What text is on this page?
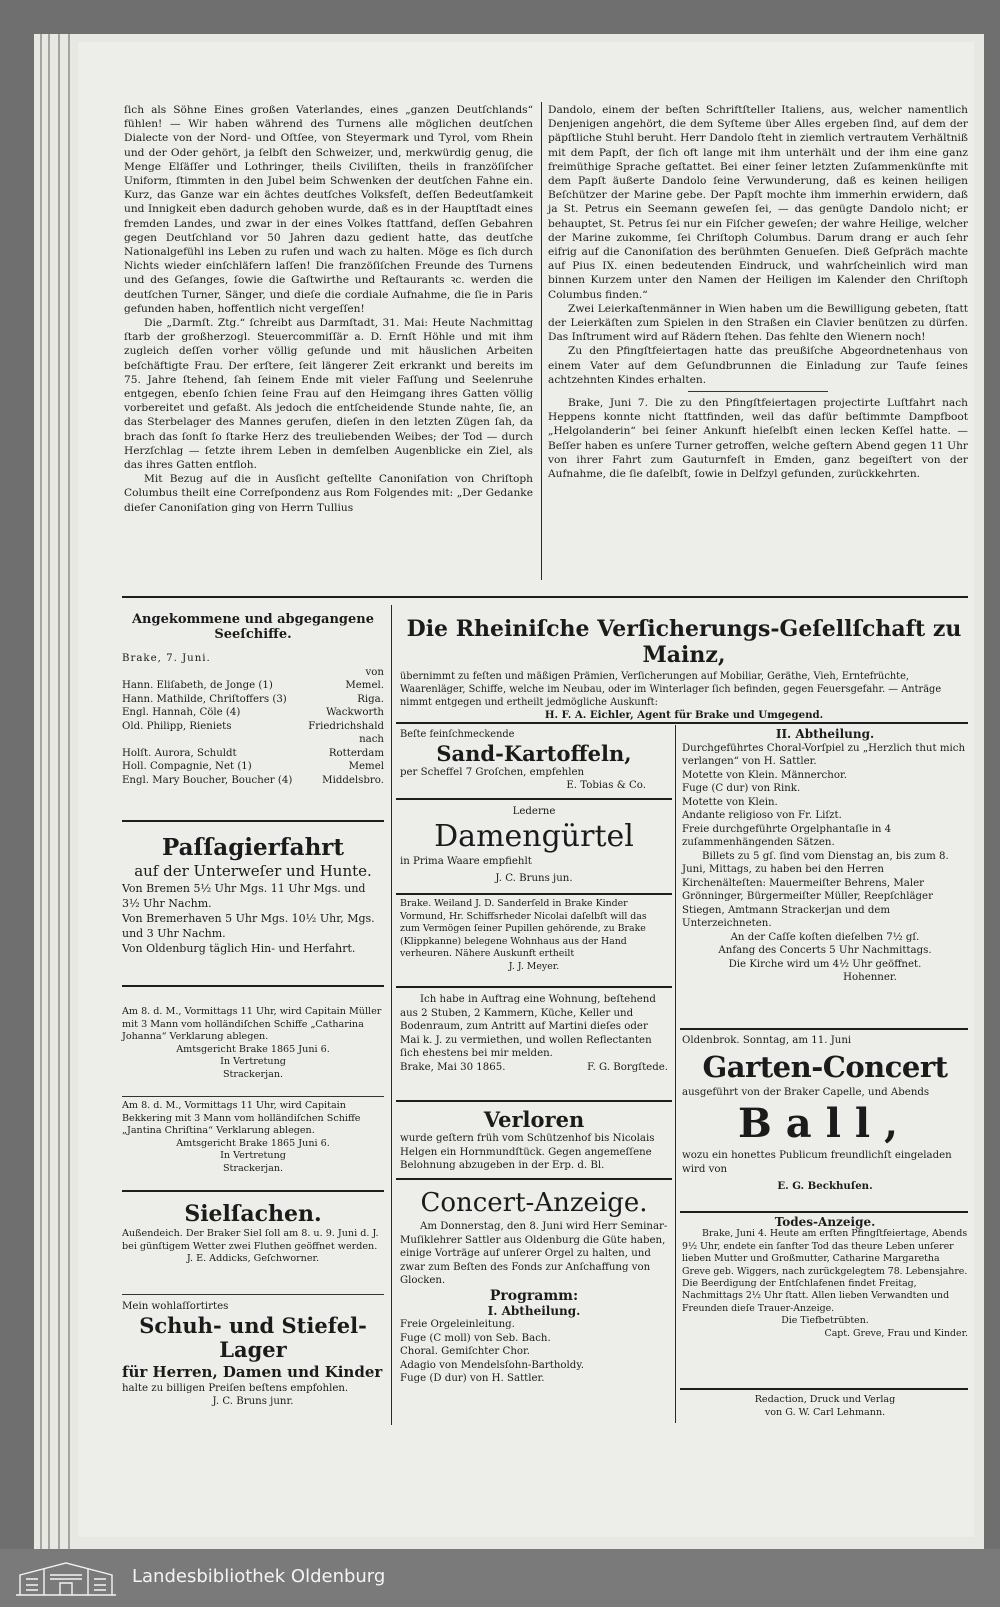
ſich als Söhne Eines großen Vaterlandes, eines „ganzen Deutſchlands“ fühlen! — Wir haben während des Turnens alle möglichen deutſchen Dialecte von der Nord- und Oſtſee, von Steyermark und Tyrol, vom Rhein und der Oder gehört, ja ſelbſt den Schweizer, und, merkwürdig genug, die Menge Elſäſſer und Lothringer, theils Civiliſten, theils in franzöſiſcher Uniform, ſtimmten in den Jubel beim Schwenken der deutſchen Fahne ein. Kurz, das Ganze war ein ächtes deutſches Volksfeſt, deſſen Bedeutſamkeit und Innigkeit eben dadurch gehoben wurde, daß es in der Hauptſtadt eines fremden Landes, und zwar in der eines Volkes ſtattfand, deſſen Gebahren gegen Deutſchland vor 50 Jahren dazu gedient hatte, das deutſche Nationalgefühl ins Leben zu rufen und wach zu halten. Möge es ſich durch Nichts wieder einſchläfern laſſen! Die franzöſiſchen Freunde des Turnens und des Geſanges, ſowie die Gaſtwirthe und Reſtaurants ꝛc. werden die deutſchen Turner, Sänger, und dieſe die cordiale Aufnahme, die ſie in Paris gefunden haben, hoffentlich nicht vergeſſen!

Die „Darmſt. Ztg.“ ſchreibt aus Darmſtadt, 31. Mai: Heute Nachmittag ſtarb der großherzogl. Steuercommiſſär a. D. Ernſt Höhle und mit ihm zugleich deſſen vorher völlig geſunde und mit häuslichen Arbeiten beſchäftigte Frau. Der erſtere, ſeit längerer Zeit erkrankt und bereits im 75. Jahre ſtehend, ſah ſeinem Ende mit vieler Faſſung und Seelenruhe entgegen, ebenſo ſchien ſeine Frau auf den Heimgang ihres Gatten völlig vorbereitet und gefaßt. Als jedoch die entſcheidende Stunde nahte, ſie, an das Sterbelager des Mannes gerufen, dieſen in den letzten Zügen ſah, da brach das ſonſt ſo ſtarke Herz des treuliebenden Weibes; der Tod — durch Herzſchlag — ſetzte ihrem Leben in demſelben Augenblicke ein Ziel, als das ihres Gatten entfloh.

Mit Bezug auf die in Ausſicht geſtellte Canoniſation von Chriſtoph Columbus theilt eine Correſpondenz aus Rom Folgendes mit: „Der Gedanke dieſer Canoniſation ging von Herrn Tullius

Dandolo, einem der beſten Schriftſteller Italiens, aus, welcher namentlich Denjenigen angehört, die dem Syſteme über Alles ergeben ſind, auf dem der päpſtliche Stuhl beruht. Herr Dandolo ſteht in ziemlich vertrautem Verhältniß mit dem Papſt, der ſich oft lange mit ihm unterhält und der ihm eine ganz freimüthige Sprache geſtattet. Bei einer ſeiner letzten Zuſammenkünfte mit dem Papſt äußerte Dandolo ſeine Verwunderung, daß es keinen heiligen Beſchützer der Marine gebe. Der Papſt mochte ihm immerhin erwidern, daß ja St. Petrus ein Seemann geweſen ſei, — das genügte Dandolo nicht; er behauptet, St. Petrus ſei nur ein Fiſcher geweſen; der wahre Heilige, welcher der Marine zukomme, ſei Chriſtoph Columbus. Darum drang er auch ſehr eifrig auf die Canoniſation des berühmten Genueſen. Dieß Geſpräch machte auf Pius IX. einen bedeutenden Eindruck, und wahrſcheinlich wird man binnen Kurzem unter den Namen der Heiligen im Kalender den Chriſtoph Columbus finden.“

Zwei Leierkaſtenmänner in Wien haben um die Bewilligung gebeten, ſtatt der Leierkäſten zum Spielen in den Straßen ein Clavier benützen zu dürfen. Das Inſtrument wird auf Rädern ſtehen. Das fehlte den Wienern noch!

Zu den Pfingſtfeiertagen hatte das preußiſche Abgeordnetenhaus von einem Vater auf dem Geſundbrunnen die Einladung zur Taufe ſeines achtzehnten Kindes erhalten.

Brake, Juni 7. Die zu den Pfingſtfeiertagen projectirte Luſtfahrt nach Heppens konnte nicht ſtattfinden, weil das dafür beſtimmte Dampfboot „Helgolanderin“ bei ſeiner Ankunft hieſelbſt einen lecken Keſſel hatte. — Beſſer haben es unſere Turner getroffen, welche geſtern Abend gegen 11 Uhr von ihrer Fahrt zum Gauturnfeſt in Emden, ganz begeiſtert von der Aufnahme, die ſie daſelbſt, ſowie in Delfzyl gefunden, zurückkehrten.

Angekommene und abgegangene Seeſchiffe.
Brake, 7. Juni.
von
Hann. Eliſabeth, de Jonge (1)	Memel.
Hann. Mathilde, Chriſtoffers (3)	Riga.
Engl. Hannah, Cöle (4)	Wackworth
Old. Philipp, Rieniets	Friedrichshald
nach
Holſt. Aurora, Schuldt	Rotterdam
Holl. Compagnie, Net (1)	Memel
Engl. Mary Boucher, Boucher (4)	Middelsbro.
Paſſagierfahrt
auf der Unterweſer und Hunte.
Von Bremen 5½ Uhr Mgs. 11 Uhr Mgs. und 3½ Uhr Nachm.
Von Bremerhaven 5 Uhr Mgs. 10½ Uhr, Mgs. und 3 Uhr Nachm.
Von Oldenburg täglich Hin- und Herfahrt.
Am 8. d. M., Vormittags 11 Uhr, wird Capitain Müller mit 3 Mann vom holländiſchen Schiffe „Catharina Johanna“ Verklarung ablegen.
Amtsgericht Brake 1865 Juni 6.
In Vertretung
Strackerjan.
Am 8. d. M., Vormittags 11 Uhr, wird Capitain Bekkering mit 3 Mann vom holländiſchen Schiffe „Jantina Chriſtina“ Verklarung ablegen.
Amtsgericht Brake 1865 Juni 6.
In Vertretung
Strackerjan.
Sielſachen.
Außendeich. Der Braker Siel ſoll am 8. u. 9. Juni d. J. bei günſtigem Wetter zwei Fluthen geöffnet werden.
J. E. Addicks, Geſchworner.
Mein wohlaſſortirtes
Schuh- und Stiefel-Lager
für Herren, Damen und Kinder
halte zu billigen Preiſen beſtens empfohlen.
J. C. Bruns junr.
Die Rheiniſche Verſicherungs-Geſellſchaft zu Mainz,
übernimmt zu feſten und mäßigen Prämien, Verſicherungen auf Mobiliar, Geräthe, Vieh, Erntefrüchte, Waarenläger, Schiffe, welche im Neubau, oder im Winterlager ſich befinden, gegen Feuersgefahr. — Anträge nimmt entgegen und ertheilt jedmögliche Auskunft:
H. F. A. Eichler, Agent für Brake und Umgegend.
Beſte feinſchmeckende
Sand-Kartoffeln,
per Scheffel 7 Groſchen, empfehlen
E. Tobias & Co.
Lederne
Damengürtel
in Prima Waare empfiehlt
J. C. Bruns jun.
Brake. Weiland J. D. Sanderſeld in Brake Kinder Vormund, Hr. Schiffsrheder Nicolai daſelbſt will das zum Vermögen ſeiner Pupillen gehörende, zu Brake (Klippkanne) belegene Wohnhaus aus der Hand verheuren. Nähere Auskunft ertheilt
J. J. Meyer.
Ich habe in Auftrag eine Wohnung, beſtehend aus 2 Stuben, 2 Kammern, Küche, Keller und Bodenraum, zum Antritt auf Martini dieſes oder Mai k. J. zu vermiethen, und wollen Reflectanten ſich ehestens bei mir melden.
Brake, Mai 30 1865.	F. G. Borgſtede.
Verloren
wurde geſtern früh vom Schützenhof bis Nicolais Helgen ein Hornmundſtück. Gegen angemeſſene Belohnung abzugeben in der Erp. d. Bl.
Concert-Anzeige.
Am Donnerstag, den 8. Juni wird Herr Seminar-Muſiklehrer Sattler aus Oldenburg die Güte haben, einige Vorträge auf unſerer Orgel zu halten, und zwar zum Beſten des Fonds zur Anſchaffung von Glocken.
Programm:
I. Abtheilung.
Freie Orgeleinleitung.
Fuge (C moll) von Seb. Bach.
Choral. Gemiſchter Chor.
Adagio von Mendelsſohn-Bartholdy.
Fuge (D dur) von H. Sattler.
II. Abtheilung.
Durchgeführtes Choral-Vorſpiel zu „Herzlich thut mich verlangen“ von H. Sattler.
Motette von Klein. Männerchor.
Fuge (C dur) von Rink.
Motette von Klein.
Andante religioso von Fr. Liſzt.
Freie durchgeführte Orgelphantaſie in 4 zuſammenhängenden Sätzen.
Billets zu 5 gſ. ſind vom Dienstag an, bis zum 8. Juni, Mittags, zu haben bei den Herren Kirchenälteſten: Mauermeiſter Behrens, Maler Grönninger, Bürgermeiſter Müller, Reepſchläger Stiegen, Amtmann Strackerjan und dem Unterzeichneten.
An der Caſſe koſten dieſelben 7½ gſ.
Anfang des Concerts 5 Uhr Nachmittags.
Die Kirche wird um 4½ Uhr geöffnet.
Hohenner.
Oldenbrok. Sonntag, am 11. Juni
Garten-Concert
ausgeführt von der Braker Capelle, und Abends
Ball,
wozu ein honettes Publicum freundlichſt eingeladen wird von
E. G. Beckhuſen.
Todes-Anzeige.
Brake, Juni 4. Heute am erſten Pfingſtfeiertage, Abends 9½ Uhr, endete ein ſanfter Tod das theure Leben unſerer lieben Mutter und Großmutter, Catharine Margaretha Greve geb. Wiggers, nach zurückgelegtem 78. Lebensjahre. Die Beerdigung der Entſchlafenen findet Freitag, Nachmittags 2½ Uhr ſtatt. Allen lieben Verwandten und Freunden dieſe Trauer-Anzeige.
Die Tiefbetrübten.
Capt. Greve, Frau und Kinder.
Redaction, Druck und Verlag
von G. W. Carl Lehmann.
Landesbibliothek Oldenburg
